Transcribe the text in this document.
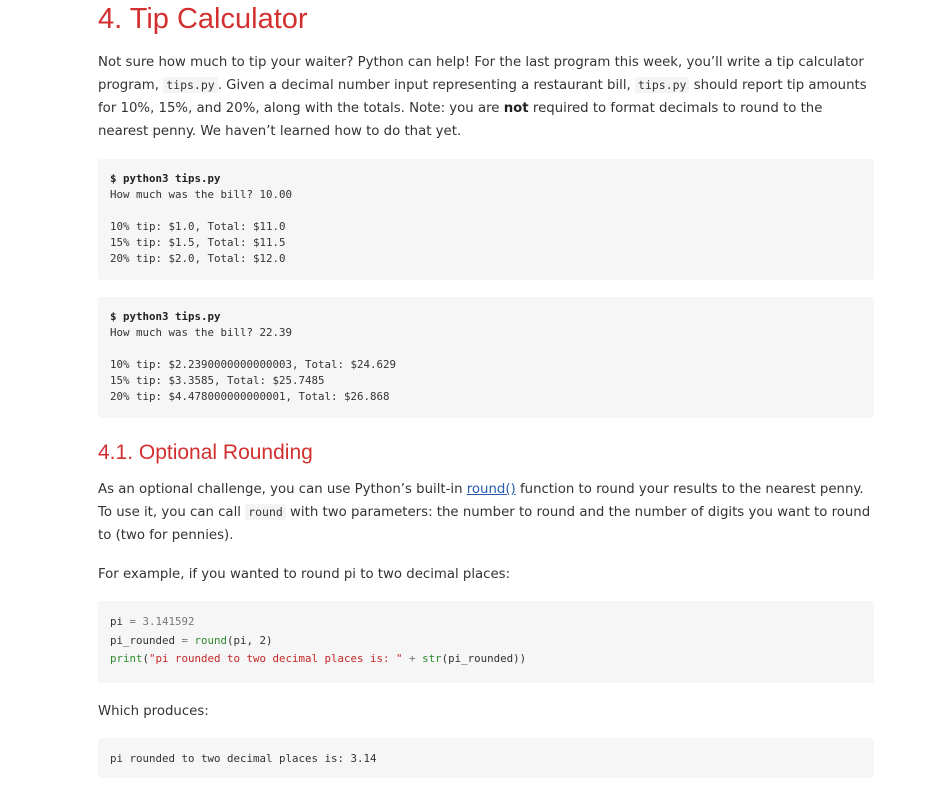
4. Tip Calculator

Not sure how much to tip your waiter? Python can help! For the last program this week, you’ll write a tip calculator program, tips.py . Given a decimal number input representing a restaurant bill, tips.py should report tip amounts for 10%, 15%, and 20%, along with the totals. Note: you are not required to format decimals to round to the nearest penny. We haven’t learned how to do that yet.

$ python3 tips.py
How much was the bill? 10.00
10% tip: $1.0, Total: $11.0
15% tip: $1.5, Total: $11.5
20% tip: $2.0, Total: $12.0
$ python3 tips.py
How much was the bill? 22.39
10% tip: $2.2390000000000003, Total: $24.629
15% tip: $3.3585, Total: $25.7485
20% tip: $4.478000000000001, Total: $26.868
4.1. Optional Rounding

As an optional challenge, you can use Python’s built-in round() function to round your results to the nearest penny. To use it, you can call round with two parameters: the number to round and the number of digits you want to round to (two for pennies).

For example, if you wanted to round pi to two decimal places:

pi = 3.141592
pi_rounded = round(pi, 2)
print("pi rounded to two decimal places is: " + str(pi_rounded))

Which produces:

pi rounded to two decimal places is: 3.14
